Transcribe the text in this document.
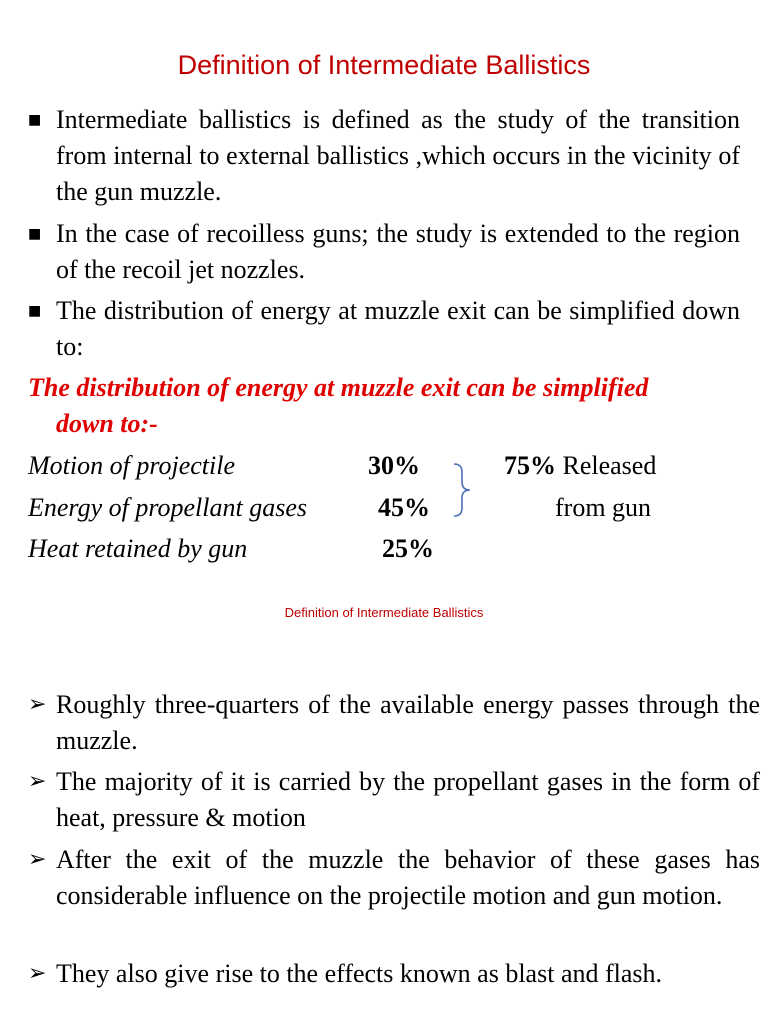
Definition of Intermediate Ballistics
■ Intermediate ballistics is defined as the study of the transition from internal to external ballistics ,which occurs in the vicinity of the gun muzzle.
■ In the case of recoilless guns; the study is extended to the region of the recoil jet nozzles.
■ The distribution of energy at muzzle exit can be simplified down to:
The distribution of energy at muzzle exit can be simplified
down to:-
Motion of projectile	30%
Energy of propellant gases	45%
Heat retained by gun	25%
75% Released
from gun
Definition of Intermediate Ballistics
➢ Roughly three-quarters of the available energy passes through the muzzle.
➢ The majority of it is carried by the propellant gases in the form of heat, pressure & motion
➢ After the exit of the muzzle the behavior of these gases has considerable influence on the projectile motion and gun motion.
➢ They also give rise to the effects known as blast and flash.
